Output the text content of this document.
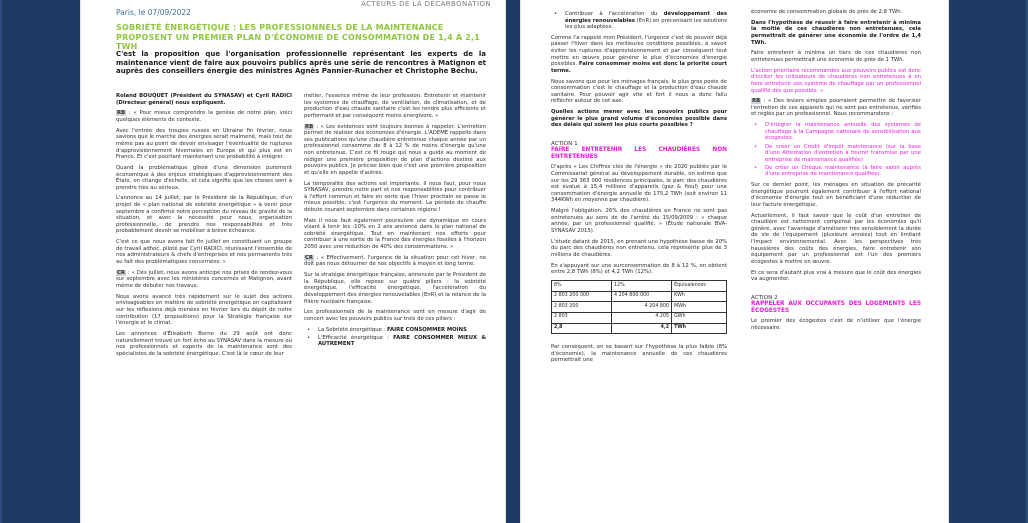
ACTEURS DE LA DÉCARBONATION
Paris, le 07/09/2022
SOBRIÉTÉ ÉNERGÉTIQUE : LES PROFESSIONNELS DE LA MAINTENANCE PROPOSENT UN PREMIER PLAN D'ÉCONOMIE DE CONSOMMATION DE 1,4 À 2,1 TWH
C'est la proposition que l'organisation professionnelle représentant les experts de la maintenance vient de faire aux pouvoirs publics après une série de rencontres à Matignon et auprès des conseillers énergie des ministres Agnès Pannier-Runacher et Christophe Béchu.

Roland BOUQUET (Président du SYNASAV) et Cyril RADICI (Directeur général) nous expliquent.

RB : « Pour mieux comprendre la genèse de notre plan, voici quelques éléments de contexte.

Avec l'entrée des troupes russes en Ukraine fin février, nous savions que le marché des énergies serait malmené, mais tout de même pas au point de devoir envisager l'éventualité de ruptures d'approvisionnement hivernales en Europe et qui plus est en France. Et c'est pourtant maintenant une probabilité à intégrer.

Quand la problématique glisse d'une dimension purement économique à des enjeux stratégiques d'approvisionnement des États, on change d'échelle, et cela signifie que les choses sont à prendre très au sérieux.

L'annonce au 14 juillet, par le Président de la République, d'un projet de « plan national de sobriété énergétique » à venir pour septembre a confirmé notre perception du niveau de gravité de la situation, et avec la nécessité pour nous, organisation professionnelle, de prendre nos responsabilités et très probablement devoir se mobiliser à brève échéance.

C'est ce que nous avons fait fin juillet en constituant un groupe de travail adhoc, piloté par Cyril RADICI, réunissant l'ensemble de nos administrateurs & chefs d'entreprises et nos permanents très au fait des problématiques concernées. »

CR : « Dès juillet, nous avons anticipé nos prises de rendez-vous sur septembre avec les ministères concernés et Matignon, avant même de débuter nos travaux.

Nous avons avancé très rapidement sur le sujet des actions envisageables en matière de sobriété énergétique en capitalisant sur les réflexions déjà menées en février lors du dépôt de notre contribution (17 propositions) pour la Stratégie française sur l'énergie et le climat.

Les annonces d'Élisabeth Borne du 29 août ont donc naturellement trouvé un fort écho au SYNASAV dans la mesure où nos professionnels et experts de la maintenance sont des spécialistes de la sobriété énergétique. C'est là le cœur de leur

métier, l'essence même de leur profession. Entretenir et maintenir les systèmes de chauffage, de ventilation, de climatisation, et de production d'eau chaude sanitaire c'est les rendre plus efficients et performant et par conséquent moins énergivore. »

RB : « Les évidences sont toujours bonnes à rappeler. L'entretien permet de réaliser des économies d'énergie. L'ADEME rappelle dans ses publications qu'une chaudière entretenue chaque année par un professionnel consomme de 8 à 12 % de moins d'énergie qu'une non entretenue. C'est ce fil rouge qui nous a guidé au moment de rédiger une première proposition de plan d'actions destiné aux pouvoirs publics. Je précise bien que c'est une première proposition et qu'elle en appelle d'autres.

La temporalité des actions est importante. Il nous faut, pour nous SYNASAV, prendre notre part et nos responsabilités pour contribuer à l'effort commun et faire en sorte que l'hiver prochain se passe le mieux possible, c'est l'urgence du moment. La période de chauffe débute courant septembre dans certaines régions !

Mais il nous faut également poursuivre une dynamique en cours visant à tenir les -10% en 2 ans annoncé dans le plan national de sobriété énergétique. Tout en maintenant nos efforts pour contribuer à une sortie de la France des énergies fossiles à l'horizon 2050 avec une réduction de 40% des consommations. »

CR : « Effectivement, l'urgence de la situation pour cet hiver, ne doit pas nous détourner de nos objectifs à moyen et long terme.

Sur la stratégie énergétique française, annoncée par le Président de la République, elle repose sur quatre piliers : la sobriété énergétique, l'efficacité énergétique, l'accélération du développement des énergies renouvelables (EnR) et la relance de la filière nucléaire française.

Les professionnels de la maintenance sont en mesure d'agir de concert avec les pouvoirs publics sur trois de ces piliers :

• La Sobriété énergétique : FAIRE CONSOMMER MOINS
• L'Efficacité énergétique : FAIRE CONSOMMER MIEUX & AUTREMENT
• Contribuer à l'accélération du développement des énergies renouvelables (EnR) en préconisant les solutions les plus adaptées.

Comme l'a rappelé mon Président, l'urgence c'est de pouvoir déjà passer l'hiver dans les meilleures conditions possibles, à savoir éviter les ruptures d'approvisionnement et par conséquent tout mettre en œuvre pour générer le plus d'économies d'énergie possibles. Faire consommer moins est donc la priorité court terme.

Nous savons que pour les ménages français, le plus gros poste de consommation c'est le chauffage et la production d'eau chaude sanitaire. Pour pouvoir agir vite et fort il nous a donc fallu réfléchir autour de cet axe.

Quelles actions mener avec les pouvoirs publics pour générer le plus grand volume d'économies possible dans des délais qui soient les plus courts possibles ?

ACTION 1
FAIRE ENTRETENIR LES CHAUDIÈRES NON ENTRETENUES

D'après « Les Chiffres clés de l'énergie » de 2020 publiés par le Commissariat général au développement durable, on estime que sur les 29 363 000 résidences principales, le parc des chaudières est évalué à 15,4 millions d'appareils (gaz & fioul) pour une consommation d'énergie annuelle de 175,2 TWh (soit environ 11 344KWh en moyenne par chaudière).

Malgré l'obligation, 26% des chaudières en France ne sont pas entretenues au sens de de l'arrêté du 15/09/2009 : « chaque année, par un professionnel qualifié. » (Étude nationale BVA-SYNASAV 2015).

L'étude datant de 2015, en prenant une hypothèse basse de 20% du parc des chaudières non entretenu, cela représente plus de 3 millions de chaudières.

En s'appuyant sur une surconsommation de 8 à 12 %, on obtient entre 2,8 TWh (8%) et 4,2 TWh (12%).

8%	12%	Équivalences
2 803 200 000	4 204 800 000	KWh
2 803 200	4 204 800	MWh
2 803	4 205	GWh
2,8	4,2	TWh

Par conséquent, en se basant sur l'hypothèse la plus faible (8% d'économie), la maintenance annuelle de ces chaudières permettrait une

économie de consommation globale de près de 2,8 TWh.

Dans l'hypothèse de réussir à faire entretenir à minima la moitié de ces chaudières non entretenues, cela permettrait de générer une économie de l'ordre de 1,4 TWh.

Faire entretenir à minima un tiers de ces chaudières non entretenues permettrait une économie de près de 1 TWh.

L'action prioritaire recommandée aux pouvoirs publics est donc d'inciter les utilisateurs de chaudières non entretenues à en faire entretenir son système de chauffage par un professionnel qualifié dès que possible. »

RB : « Des leviers simples pourraient permettre de favoriser l'entretien de ces appareils qui ne sont pas entretenus, vérifiés et réglés par un professionnel. Nous recommandons :

• D'intégrer la maintenance annuelle des systèmes de chauffage à la Campagne nationale de sensibilisation aux écogestes.
• De créer un Crédit d'impôt maintenance (sur la base d'une Attestation d'entretien à fournir transmise par une entreprise de maintenance qualifiée)
• De créer un Chèque maintenance (à faire valoir auprès d'une entreprise de maintenance qualifiée).

Sur ce dernier point, les ménages en situation de précarité énergétique pourront également contribuer à l'effort national d'économie d'énergie tout en bénéficiant d'une réduction de leur facture énergétique.

Actuellement, il faut savoir que le coût d'un entretien de chaudière est nettement compensé par les économies qu'il génère, avec l'avantage d'améliorer très sensiblement la durée de vie de l'équipement (plusieurs années) tout en limitant l'impact environnemental. Avec les perspectives très haussières des coûts des énergies, faire entretenir son équipement par un professionnel est l'un des premiers écogestes à mettre en œuvre.

Et ce sera d'autant plus vrai à mesure que le coût des énergies va augmenter.

ACTION 2
RAPPELER AUX OCCUPANTS DES LOGEMENTS LES ÉCOGESTES

Le premier des écogestes c'est de n'utiliser que l'énergie nécessaire.
